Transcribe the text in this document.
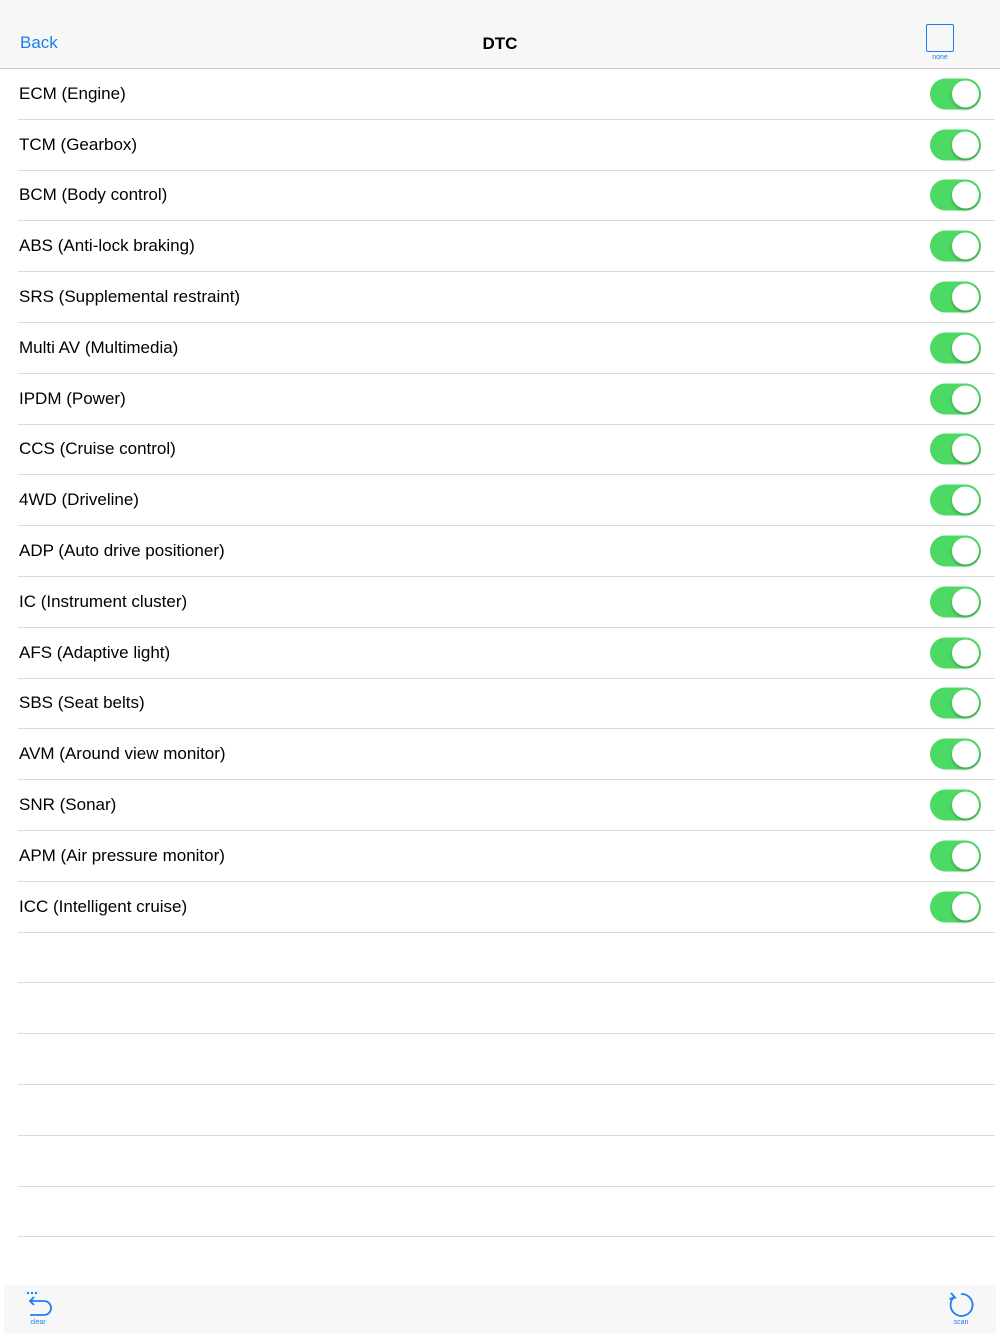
Back	DTC
none
ECM (Engine)
TCM (Gearbox)
BCM (Body control)
ABS (Anti-lock braking)
SRS (Supplemental restraint)
Multi AV (Multimedia)
IPDM (Power)
CCS (Cruise control)
4WD (Driveline)
ADP (Auto drive positioner)
IC (Instrument cluster)
AFS (Adaptive light)
SBS (Seat belts)
AVM (Around view monitor)
SNR (Sonar)
APM (Air pressure monitor)
ICC (Intelligent cruise)
clear	scan
